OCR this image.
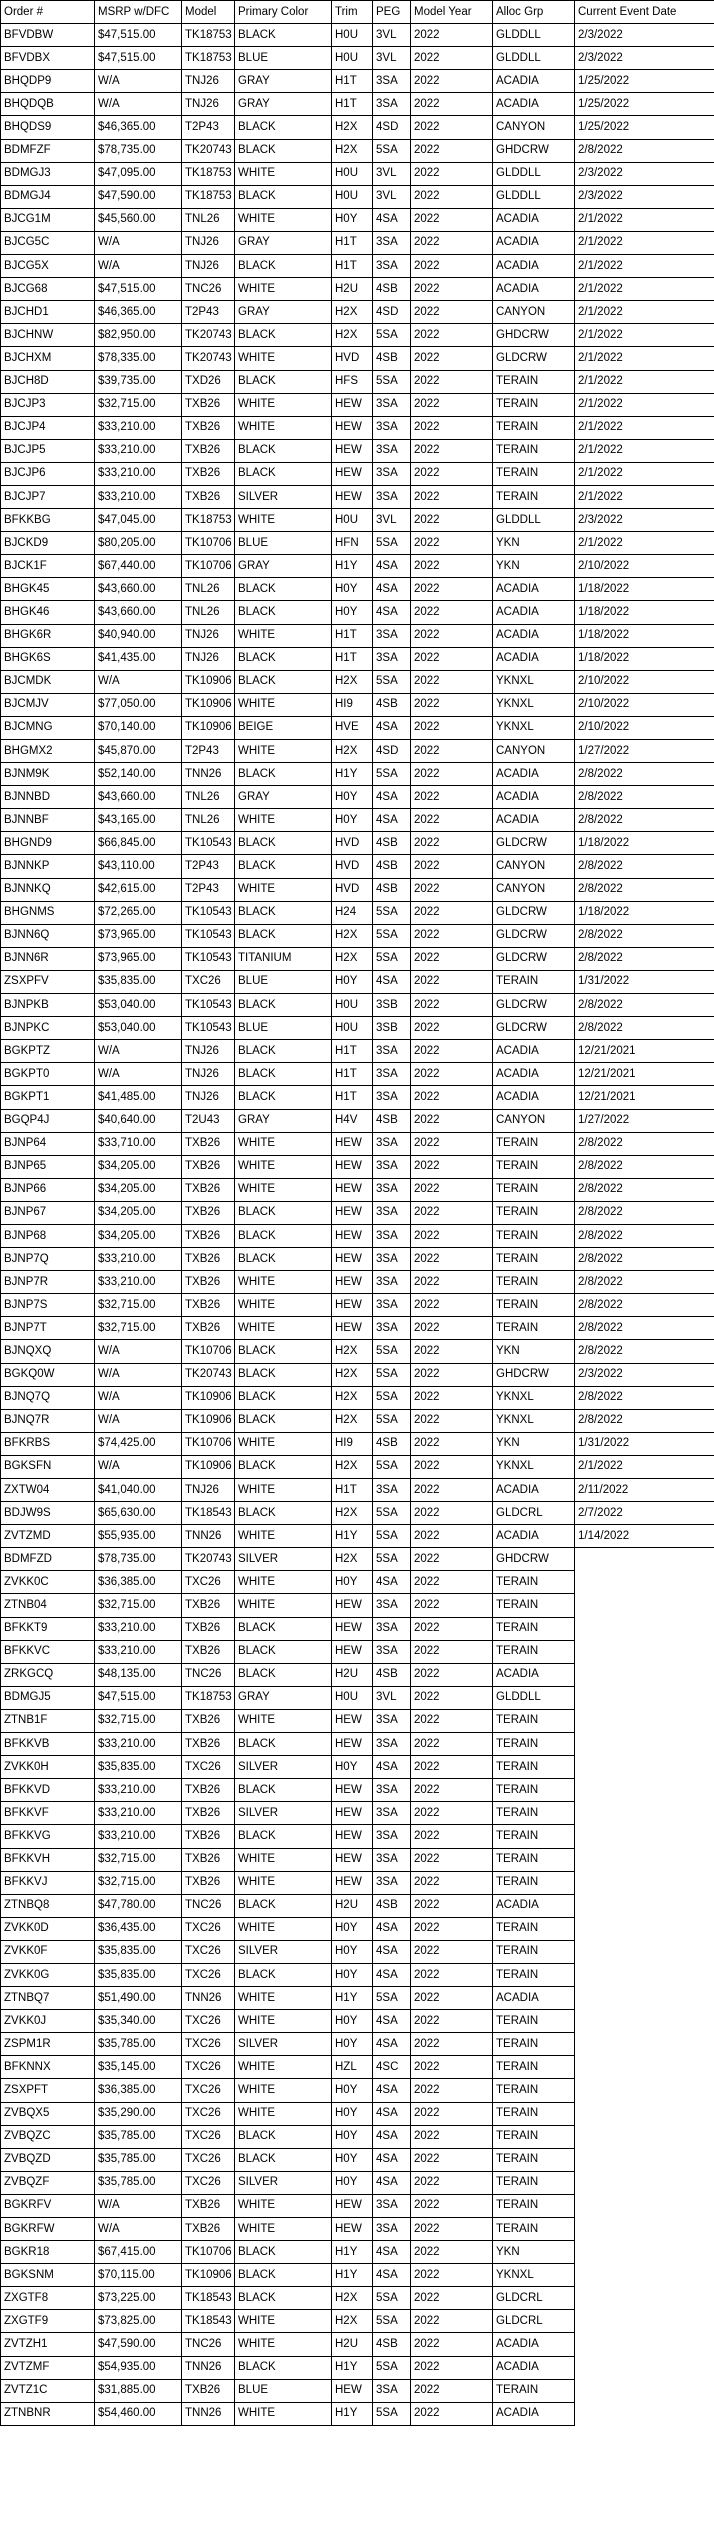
Order #	MSRP w/DFC	Model	Primary Color	Trim	PEG	Model Year	Alloc Grp	Current Event Date
BFVDBW	$47,515.00	TK18753	BLACK	H0U	3VL	2022	GLDDLL	2/3/2022
BFVDBX	$47,515.00	TK18753	BLUE	H0U	3VL	2022	GLDDLL	2/3/2022
BHQDP9	W/A	TNJ26	GRAY	H1T	3SA	2022	ACADIA	1/25/2022
BHQDQB	W/A	TNJ26	GRAY	H1T	3SA	2022	ACADIA	1/25/2022
BHQDS9	$46,365.00	T2P43	BLACK	H2X	4SD	2022	CANYON	1/25/2022
BDMFZF	$78,735.00	TK20743	BLACK	H2X	5SA	2022	GHDCRW	2/8/2022
BDMGJ3	$47,095.00	TK18753	WHITE	H0U	3VL	2022	GLDDLL	2/3/2022
BDMGJ4	$47,590.00	TK18753	BLACK	H0U	3VL	2022	GLDDLL	2/3/2022
BJCG1M	$45,560.00	TNL26	WHITE	H0Y	4SA	2022	ACADIA	2/1/2022
BJCG5C	W/A	TNJ26	GRAY	H1T	3SA	2022	ACADIA	2/1/2022
BJCG5X	W/A	TNJ26	BLACK	H1T	3SA	2022	ACADIA	2/1/2022
BJCG68	$47,515.00	TNC26	WHITE	H2U	4SB	2022	ACADIA	2/1/2022
BJCHD1	$46,365.00	T2P43	GRAY	H2X	4SD	2022	CANYON	2/1/2022
BJCHNW	$82,950.00	TK20743	BLACK	H2X	5SA	2022	GHDCRW	2/1/2022
BJCHXM	$78,335.00	TK20743	WHITE	HVD	4SB	2022	GLDCRW	2/1/2022
BJCH8D	$39,735.00	TXD26	BLACK	HFS	5SA	2022	TERAIN	2/1/2022
BJCJP3	$32,715.00	TXB26	WHITE	HEW	3SA	2022	TERAIN	2/1/2022
BJCJP4	$33,210.00	TXB26	WHITE	HEW	3SA	2022	TERAIN	2/1/2022
BJCJP5	$33,210.00	TXB26	BLACK	HEW	3SA	2022	TERAIN	2/1/2022
BJCJP6	$33,210.00	TXB26	BLACK	HEW	3SA	2022	TERAIN	2/1/2022
BJCJP7	$33,210.00	TXB26	SILVER	HEW	3SA	2022	TERAIN	2/1/2022
BFKKBG	$47,045.00	TK18753	WHITE	H0U	3VL	2022	GLDDLL	2/3/2022
BJCKD9	$80,205.00	TK10706	BLUE	HFN	5SA	2022	YKN	2/1/2022
BJCK1F	$67,440.00	TK10706	GRAY	H1Y	4SA	2022	YKN	2/10/2022
BHGK45	$43,660.00	TNL26	BLACK	H0Y	4SA	2022	ACADIA	1/18/2022
BHGK46	$43,660.00	TNL26	BLACK	H0Y	4SA	2022	ACADIA	1/18/2022
BHGK6R	$40,940.00	TNJ26	WHITE	H1T	3SA	2022	ACADIA	1/18/2022
BHGK6S	$41,435.00	TNJ26	BLACK	H1T	3SA	2022	ACADIA	1/18/2022
BJCMDK	W/A	TK10906	BLACK	H2X	5SA	2022	YKNXL	2/10/2022
BJCMJV	$77,050.00	TK10906	WHITE	HI9	4SB	2022	YKNXL	2/10/2022
BJCMNG	$70,140.00	TK10906	BEIGE	HVE	4SA	2022	YKNXL	2/10/2022
BHGMX2	$45,870.00	T2P43	WHITE	H2X	4SD	2022	CANYON	1/27/2022
BJNM9K	$52,140.00	TNN26	BLACK	H1Y	5SA	2022	ACADIA	2/8/2022
BJNNBD	$43,660.00	TNL26	GRAY	H0Y	4SA	2022	ACADIA	2/8/2022
BJNNBF	$43,165.00	TNL26	WHITE	H0Y	4SA	2022	ACADIA	2/8/2022
BHGND9	$66,845.00	TK10543	BLACK	HVD	4SB	2022	GLDCRW	1/18/2022
BJNNKP	$43,110.00	T2P43	BLACK	HVD	4SB	2022	CANYON	2/8/2022
BJNNKQ	$42,615.00	T2P43	WHITE	HVD	4SB	2022	CANYON	2/8/2022
BHGNMS	$72,265.00	TK10543	BLACK	H24	5SA	2022	GLDCRW	1/18/2022
BJNN6Q	$73,965.00	TK10543	BLACK	H2X	5SA	2022	GLDCRW	2/8/2022
BJNN6R	$73,965.00	TK10543	TITANIUM	H2X	5SA	2022	GLDCRW	2/8/2022
ZSXPFV	$35,835.00	TXC26	BLUE	H0Y	4SA	2022	TERAIN	1/31/2022
BJNPKB	$53,040.00	TK10543	BLACK	H0U	3SB	2022	GLDCRW	2/8/2022
BJNPKC	$53,040.00	TK10543	BLUE	H0U	3SB	2022	GLDCRW	2/8/2022
BGKPTZ	W/A	TNJ26	BLACK	H1T	3SA	2022	ACADIA	12/21/2021
BGKPT0	W/A	TNJ26	BLACK	H1T	3SA	2022	ACADIA	12/21/2021
BGKPT1	$41,485.00	TNJ26	BLACK	H1T	3SA	2022	ACADIA	12/21/2021
BGQP4J	$40,640.00	T2U43	GRAY	H4V	4SB	2022	CANYON	1/27/2022
BJNP64	$33,710.00	TXB26	WHITE	HEW	3SA	2022	TERAIN	2/8/2022
BJNP65	$34,205.00	TXB26	WHITE	HEW	3SA	2022	TERAIN	2/8/2022
BJNP66	$34,205.00	TXB26	WHITE	HEW	3SA	2022	TERAIN	2/8/2022
BJNP67	$34,205.00	TXB26	BLACK	HEW	3SA	2022	TERAIN	2/8/2022
BJNP68	$34,205.00	TXB26	BLACK	HEW	3SA	2022	TERAIN	2/8/2022
BJNP7Q	$33,210.00	TXB26	BLACK	HEW	3SA	2022	TERAIN	2/8/2022
BJNP7R	$33,210.00	TXB26	WHITE	HEW	3SA	2022	TERAIN	2/8/2022
BJNP7S	$32,715.00	TXB26	WHITE	HEW	3SA	2022	TERAIN	2/8/2022
BJNP7T	$32,715.00	TXB26	WHITE	HEW	3SA	2022	TERAIN	2/8/2022
BJNQXQ	W/A	TK10706	BLACK	H2X	5SA	2022	YKN	2/8/2022
BGKQ0W	W/A	TK20743	BLACK	H2X	5SA	2022	GHDCRW	2/3/2022
BJNQ7Q	W/A	TK10906	BLACK	H2X	5SA	2022	YKNXL	2/8/2022
BJNQ7R	W/A	TK10906	BLACK	H2X	5SA	2022	YKNXL	2/8/2022
BFKRBS	$74,425.00	TK10706	WHITE	HI9	4SB	2022	YKN	1/31/2022
BGKSFN	W/A	TK10906	BLACK	H2X	5SA	2022	YKNXL	2/1/2022
ZXTW04	$41,040.00	TNJ26	WHITE	H1T	3SA	2022	ACADIA	2/11/2022
BDJW9S	$65,630.00	TK18543	BLACK	H2X	5SA	2022	GLDCRL	2/7/2022
ZVTZMD	$55,935.00	TNN26	WHITE	H1Y	5SA	2022	ACADIA	1/14/2022
BDMFZD	$78,735.00	TK20743	SILVER	H2X	5SA	2022	GHDCRW	
ZVKK0C	$36,385.00	TXC26	WHITE	H0Y	4SA	2022	TERAIN	
ZTNB04	$32,715.00	TXB26	WHITE	HEW	3SA	2022	TERAIN	
BFKKT9	$33,210.00	TXB26	BLACK	HEW	3SA	2022	TERAIN	
BFKKVC	$33,210.00	TXB26	BLACK	HEW	3SA	2022	TERAIN	
ZRKGCQ	$48,135.00	TNC26	BLACK	H2U	4SB	2022	ACADIA	
BDMGJ5	$47,515.00	TK18753	GRAY	H0U	3VL	2022	GLDDLL	
ZTNB1F	$32,715.00	TXB26	WHITE	HEW	3SA	2022	TERAIN	
BFKKVB	$33,210.00	TXB26	BLACK	HEW	3SA	2022	TERAIN	
ZVKK0H	$35,835.00	TXC26	SILVER	H0Y	4SA	2022	TERAIN	
BFKKVD	$33,210.00	TXB26	BLACK	HEW	3SA	2022	TERAIN	
BFKKVF	$33,210.00	TXB26	SILVER	HEW	3SA	2022	TERAIN	
BFKKVG	$33,210.00	TXB26	BLACK	HEW	3SA	2022	TERAIN	
BFKKVH	$32,715.00	TXB26	WHITE	HEW	3SA	2022	TERAIN	
BFKKVJ	$32,715.00	TXB26	WHITE	HEW	3SA	2022	TERAIN	
ZTNBQ8	$47,780.00	TNC26	BLACK	H2U	4SB	2022	ACADIA	
ZVKK0D	$36,435.00	TXC26	WHITE	H0Y	4SA	2022	TERAIN	
ZVKK0F	$35,835.00	TXC26	SILVER	H0Y	4SA	2022	TERAIN	
ZVKK0G	$35,835.00	TXC26	BLACK	H0Y	4SA	2022	TERAIN	
ZTNBQ7	$51,490.00	TNN26	WHITE	H1Y	5SA	2022	ACADIA	
ZVKK0J	$35,340.00	TXC26	WHITE	H0Y	4SA	2022	TERAIN	
ZSPM1R	$35,785.00	TXC26	SILVER	H0Y	4SA	2022	TERAIN	
BFKNNX	$35,145.00	TXC26	WHITE	HZL	4SC	2022	TERAIN	
ZSXPFT	$36,385.00	TXC26	WHITE	H0Y	4SA	2022	TERAIN	
ZVBQX5	$35,290.00	TXC26	WHITE	H0Y	4SA	2022	TERAIN	
ZVBQZC	$35,785.00	TXC26	BLACK	H0Y	4SA	2022	TERAIN	
ZVBQZD	$35,785.00	TXC26	BLACK	H0Y	4SA	2022	TERAIN	
ZVBQZF	$35,785.00	TXC26	SILVER	H0Y	4SA	2022	TERAIN	
BGKRFV	W/A	TXB26	WHITE	HEW	3SA	2022	TERAIN	
BGKRFW	W/A	TXB26	WHITE	HEW	3SA	2022	TERAIN	
BGKR18	$67,415.00	TK10706	BLACK	H1Y	4SA	2022	YKN	
BGKSNM	$70,115.00	TK10906	BLACK	H1Y	4SA	2022	YKNXL	
ZXGTF8	$73,225.00	TK18543	BLACK	H2X	5SA	2022	GLDCRL	
ZXGTF9	$73,825.00	TK18543	WHITE	H2X	5SA	2022	GLDCRL	
ZVTZH1	$47,590.00	TNC26	WHITE	H2U	4SB	2022	ACADIA	
ZVTZMF	$54,935.00	TNN26	BLACK	H1Y	5SA	2022	ACADIA	
ZVTZ1C	$31,885.00	TXB26	BLUE	HEW	3SA	2022	TERAIN	
ZTNBNR	$54,460.00	TNN26	WHITE	H1Y	5SA	2022	ACADIA	
